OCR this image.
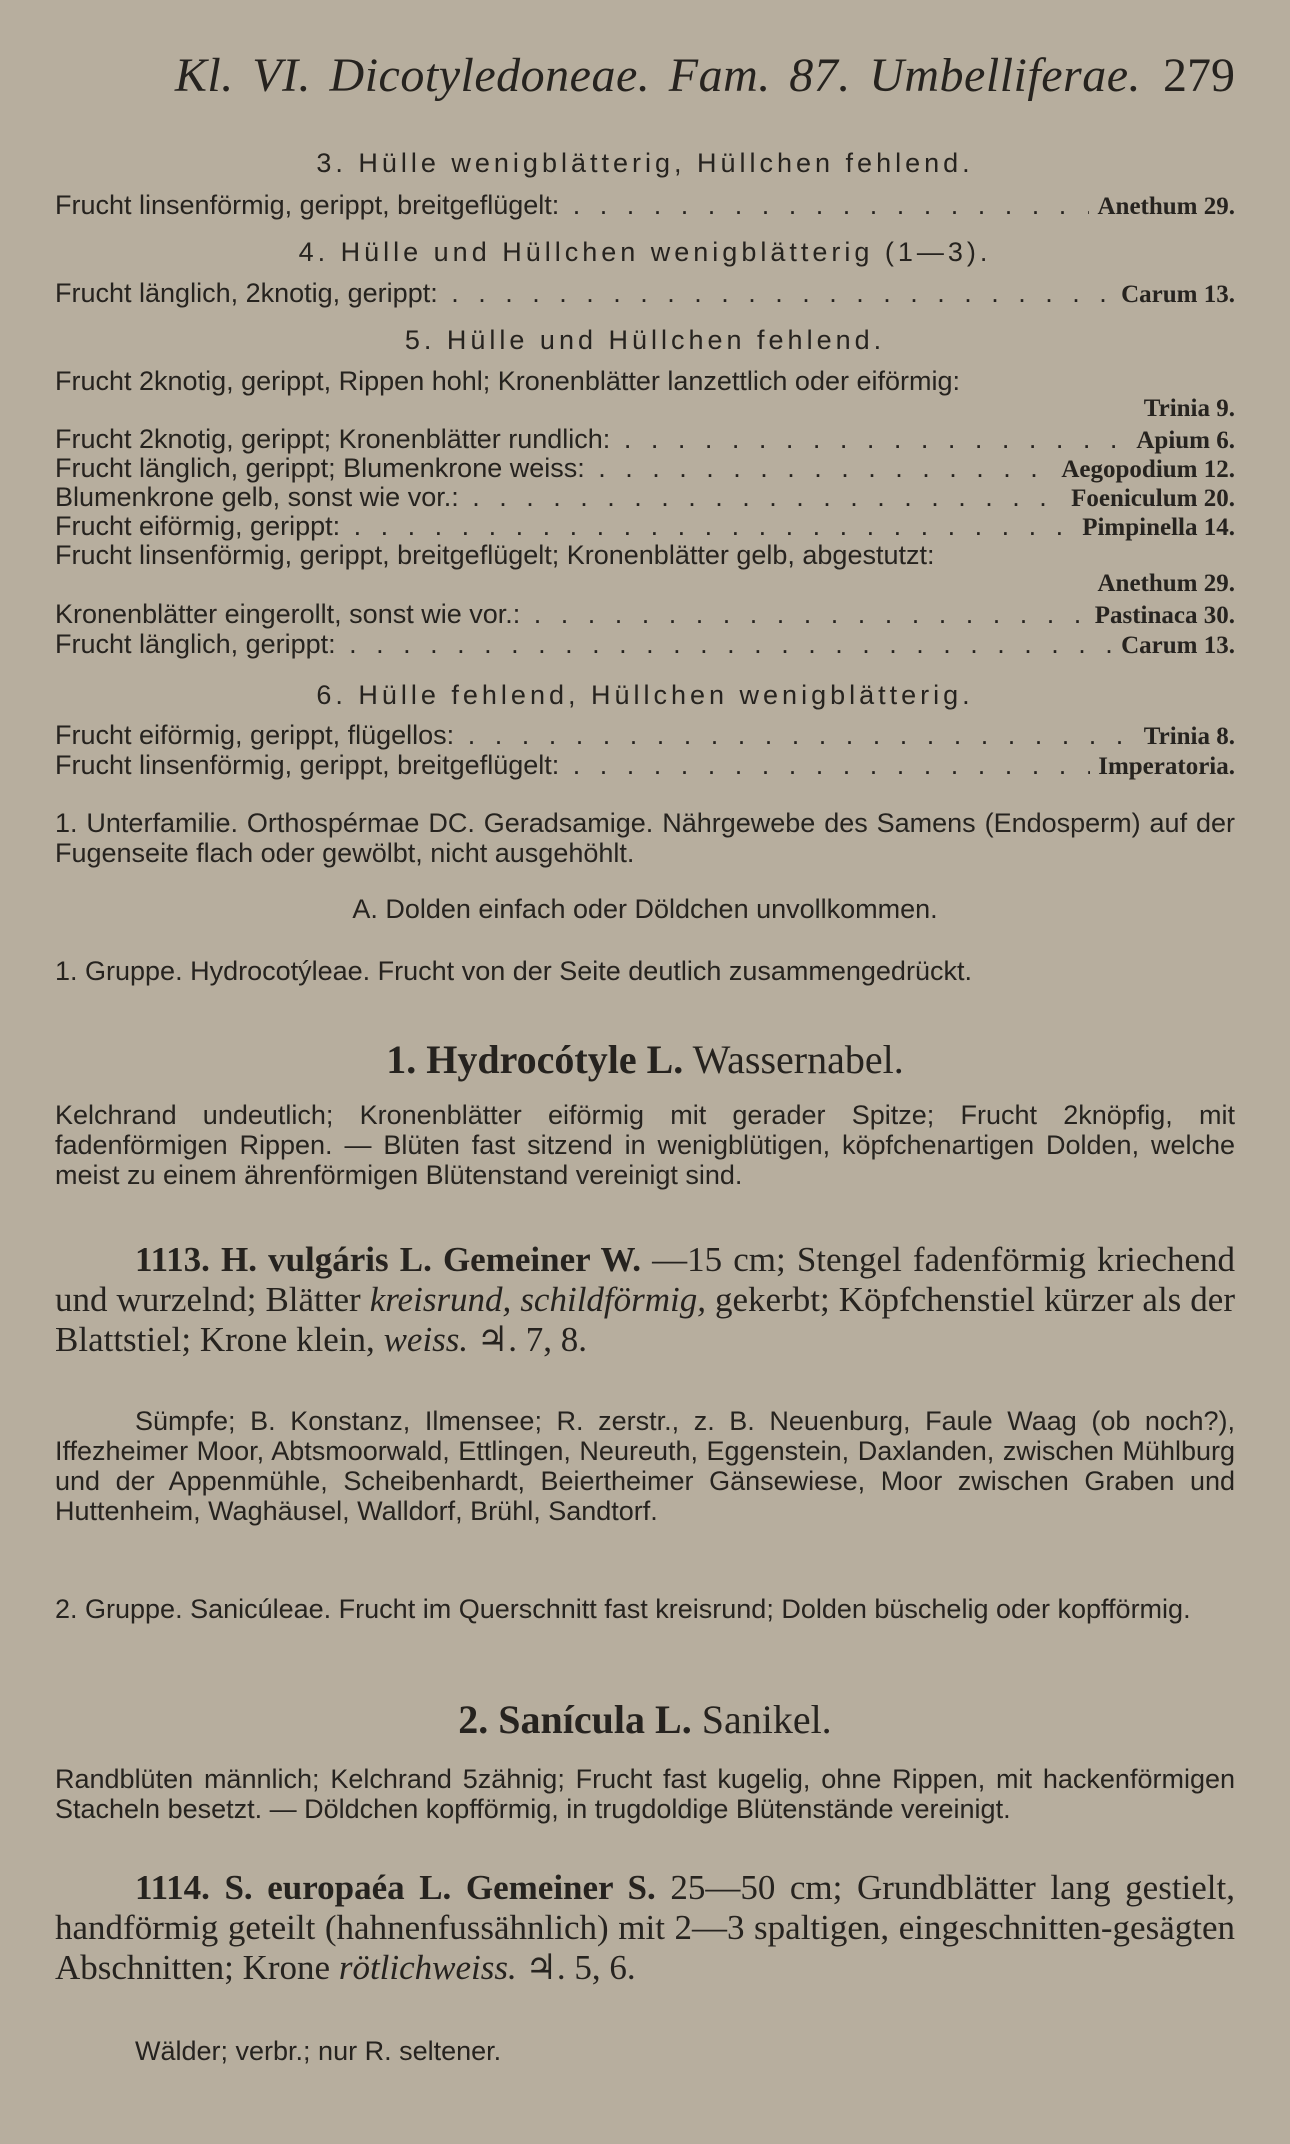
Kl. VI. Dicotyledoneae. Fam. 87. Umbelliferae. 279
3. Hülle wenigblätterig, Hüllchen fehlend.
Frucht linsenförmig, gerippt, breitgeflügelt: . . .	Anethum 29.
4. Hülle und Hüllchen wenigblätterig (1—3).
Frucht länglich, 2knotig, gerippt: . . .	Carum 13.
5. Hülle und Hüllchen fehlend.
Frucht 2knotig, gerippt, Rippen hohl; Kronenblätter lanzettlich oder eiförmig:
Trinia 9.
Frucht 2knotig, gerippt; Kronenblätter rundlich: . . .	Apium 6.
Frucht länglich, gerippt; Blumenkrone weiss: . . .	Aegopodium 12.
Blumenkrone gelb, sonst wie vor.: . . .	Foeniculum 20.
Frucht eiförmig, gerippt: . . .	Pimpinella 14.
Frucht linsenförmig, gerippt, breitgeflügelt; Kronenblätter gelb, abgestutzt:
Anethum 29.
Kronenblätter eingerollt, sonst wie vor.: . . .	Pastinaca 30.
Frucht länglich, gerippt: . . .	Carum 13.
6. Hülle fehlend, Hüllchen wenigblätterig.
Frucht eiförmig, gerippt, flügellos: . . .	Trinia 8.
Frucht linsenförmig, gerippt, breitgeflügelt: . . .	Imperatoria.
1. Unterfamilie. Orthospérmae DC. Geradsamige. Nährgewebe des Samens (Endosperm) auf der Fugenseite flach oder gewölbt, nicht ausgehöhlt.
A. Dolden einfach oder Döldchen unvollkommen.
1. Gruppe. Hydrocotýleae. Frucht von der Seite deutlich zusammengedrückt.
1. Hydrocótyle L. Wassernabel.
Kelchrand undeutlich; Kronenblätter eiförmig mit gerader Spitze; Frucht 2knöpfig, mit fadenförmigen Rippen. — Blüten fast sitzend in wenigblütigen, köpfchenartigen Dolden, welche meist zu einem ährenförmigen Blütenstand vereinigt sind.
1113. H. vulgáris L. Gemeiner W. —15 cm; Stengel fadenförmig kriechend und wurzelnd; Blätter kreisrund, schildförmig, gekerbt; Köpfchenstiel kürzer als der Blattstiel; Krone klein, weiss. ♃. 7, 8.
Sümpfe; B. Konstanz, Ilmensee; R. zerstr., z. B. Neuenburg, Faule Waag (ob noch?), Iffezheimer Moor, Abtsmoorwald, Ettlingen, Neureuth, Eggenstein, Daxlanden, zwischen Mühlburg und der Appenmühle, Scheibenhardt, Beiertheimer Gänsewiese, Moor zwischen Graben und Huttenheim, Waghäusel, Walldorf, Brühl, Sandtorf.
2. Gruppe. Sanicúleae. Frucht im Querschnitt fast kreisrund; Dolden büschelig oder kopfförmig.
2. Sanícula L. Sanikel.
Randblüten männlich; Kelchrand 5zähnig; Frucht fast kugelig, ohne Rippen, mit hackenförmigen Stacheln besetzt. — Döldchen kopfförmig, in trugdoldige Blütenstände vereinigt.
1114. S. europaéa L. Gemeiner S. 25—50 cm; Grundblätter lang gestielt, handförmig geteilt (hahnenfussähnlich) mit 2—3 spaltigen, eingeschnitten-gesägten Abschnitten; Krone rötlichweiss. ♃. 5, 6.
Wälder; verbr.; nur R. seltener.
